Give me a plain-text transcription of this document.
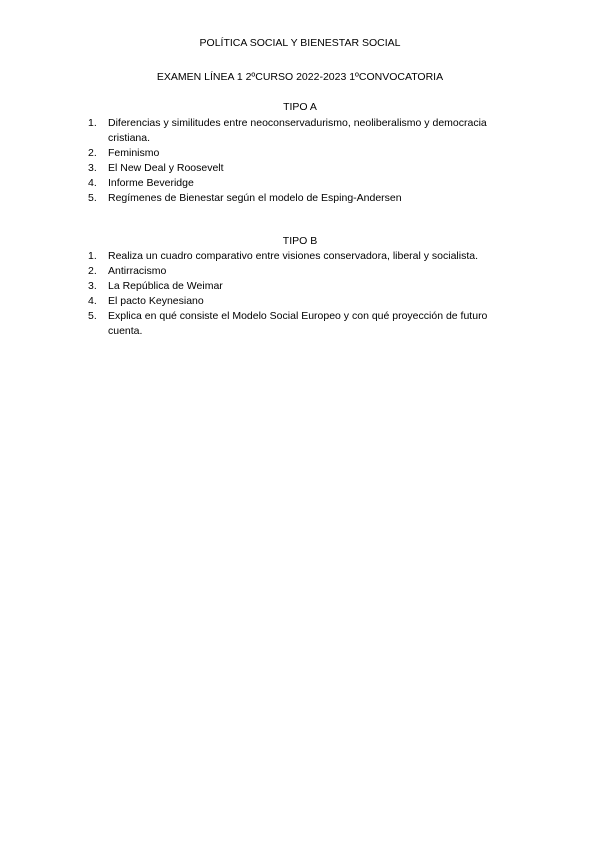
POLÍTICA SOCIAL Y BIENESTAR SOCIAL
EXAMEN LÍNEA 1 2ºCURSO 2022-2023 1ºCONVOCATORIA
TIPO A
1. Diferencias y similitudes entre neoconservadurismo, neoliberalismo y democracia cristiana.
2. Feminismo
3. El New Deal y Roosevelt
4. Informe Beveridge
5. Regímenes de Bienestar según el modelo de Esping-Andersen
TIPO B
1. Realiza un cuadro comparativo entre visiones conservadora, liberal y socialista.
2. Antirracismo
3. La República de Weimar
4. El pacto Keynesiano
5. Explica en qué consiste el Modelo Social Europeo y con qué proyección de futuro cuenta.
